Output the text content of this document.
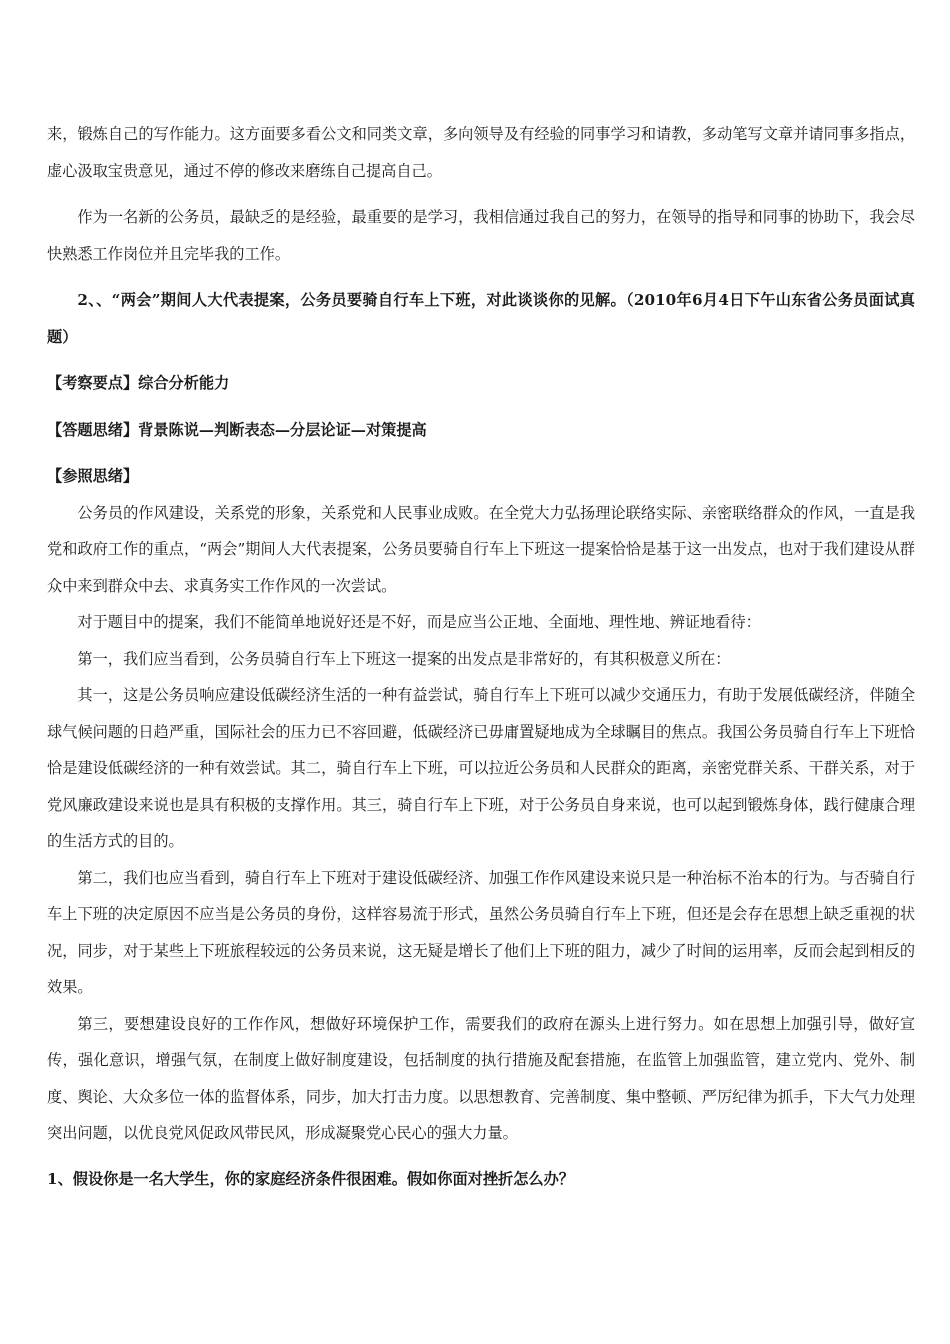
来，锻炼自己的写作能力。这方面要多看公文和同类文章，多向领导及有经验的同事学习和请教，多动笔写文章并请同事多指点，虚心汲取宝贵意见，通过不停的修改来磨练自己提高自己。

作为一名新的公务员，最缺乏的是经验，最重要的是学习，我相信通过我自己的努力，在领导的指导和同事的协助下，我会尽快熟悉工作岗位并且完毕我的工作。

2、、“两会”期间人大代表提案，公务员要骑自行车上下班，对此谈谈你的见解。（2010年6月4日下午山东省公务员面试真题）

【考察要点】综合分析能力

【答题思绪】背景陈说—判断表态—分层论证—对策提高

【参照思绪】

公务员的作风建设，关系党的形象，关系党和人民事业成败。在全党大力弘扬理论联络实际、亲密联络群众的作风，一直是我党和政府工作的重点，“两会”期间人大代表提案，公务员要骑自行车上下班这一提案恰恰是基于这一出发点，也对于我们建设从群众中来到群众中去、求真务实工作作风的一次尝试。

对于题目中的提案，我们不能简单地说好还是不好，而是应当公正地、全面地、理性地、辨证地看待：

第一，我们应当看到，公务员骑自行车上下班这一提案的出发点是非常好的，有其积极意义所在：

其一，这是公务员响应建设低碳经济生活的一种有益尝试，骑自行车上下班可以减少交通压力，有助于发展低碳经济，伴随全球气候问题的日趋严重，国际社会的压力已不容回避，低碳经济已毋庸置疑地成为全球瞩目的焦点。我国公务员骑自行车上下班恰恰是建设低碳经济的一种有效尝试。其二，骑自行车上下班，可以拉近公务员和人民群众的距离，亲密党群关系、干群关系，对于党风廉政建设来说也是具有积极的支撑作用。其三，骑自行车上下班，对于公务员自身来说，也可以起到锻炼身体，践行健康合理的生活方式的目的。

第二，我们也应当看到，骑自行车上下班对于建设低碳经济、加强工作作风建设来说只是一种治标不治本的行为。与否骑自行车上下班的决定原因不应当是公务员的身份，这样容易流于形式，虽然公务员骑自行车上下班，但还是会存在思想上缺乏重视的状况，同步，对于某些上下班旅程较远的公务员来说，这无疑是增长了他们上下班的阻力，减少了时间的运用率，反而会起到相反的效果。

第三，要想建设良好的工作作风，想做好环境保护工作，需要我们的政府在源头上进行努力。如在思想上加强引导，做好宣传，强化意识，增强气氛，在制度上做好制度建设，包括制度的执行措施及配套措施，在监管上加强监管，建立党内、党外、制度、舆论、大众多位一体的监督体系，同步，加大打击力度。以思想教育、完善制度、集中整顿、严厉纪律为抓手，下大气力处理突出问题，以优良党风促政风带民风，形成凝聚党心民心的强大力量。

1、假设你是一名大学生，你的家庭经济条件很困难。假如你面对挫折怎么办？
